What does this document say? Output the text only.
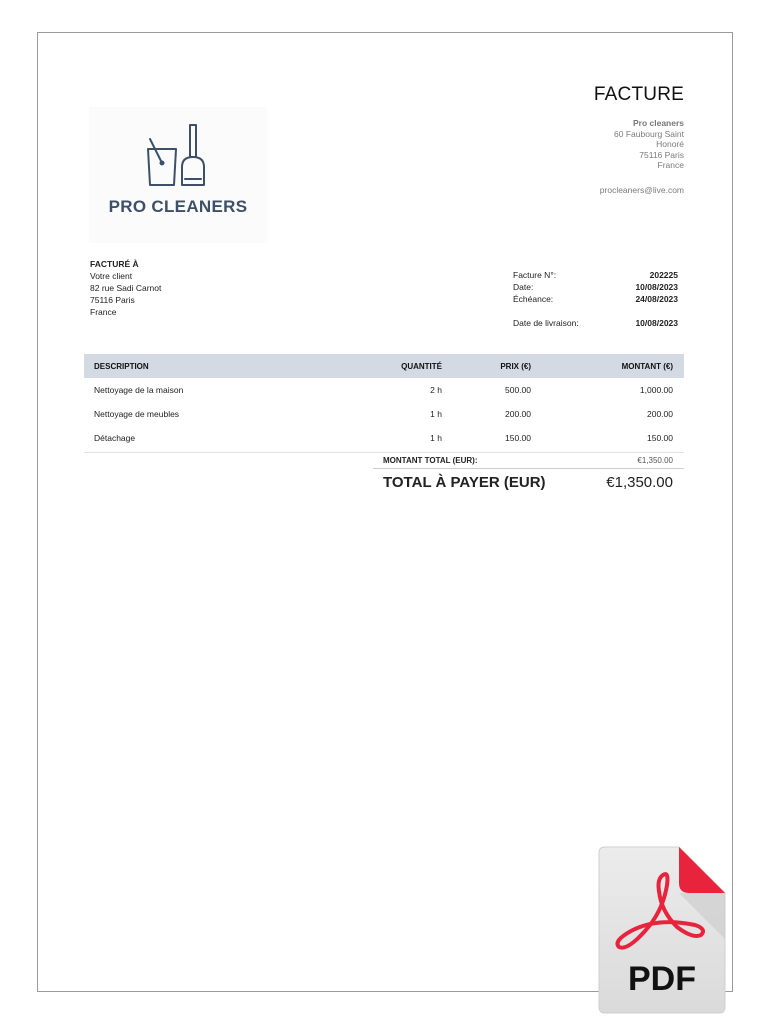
PRO CLEANERS
FACTURE
Pro cleaners
60 Faubourg Saint
Honoré
75116 Paris
France
procleaners@live.com
FACTURÉ À
Votre client
82 rue Sadi Carnot
75116 Paris
France
Facture N°:	202225
Date:	10/08/2023
Échéance:	24/08/2023
Date de livraison:	10/08/2023
DESCRIPTION	QUANTITÉ	PRIX (€)	MONTANT (€)
Nettoyage de la maison	2 h	500.00	1,000.00
Nettoyage de meubles	1 h	200.00	200.00
Détachage	1 h	150.00	150.00
MONTANT TOTAL (EUR):	€1,350.00
TOTAL À PAYER (EUR)	€1,350.00
PDF
